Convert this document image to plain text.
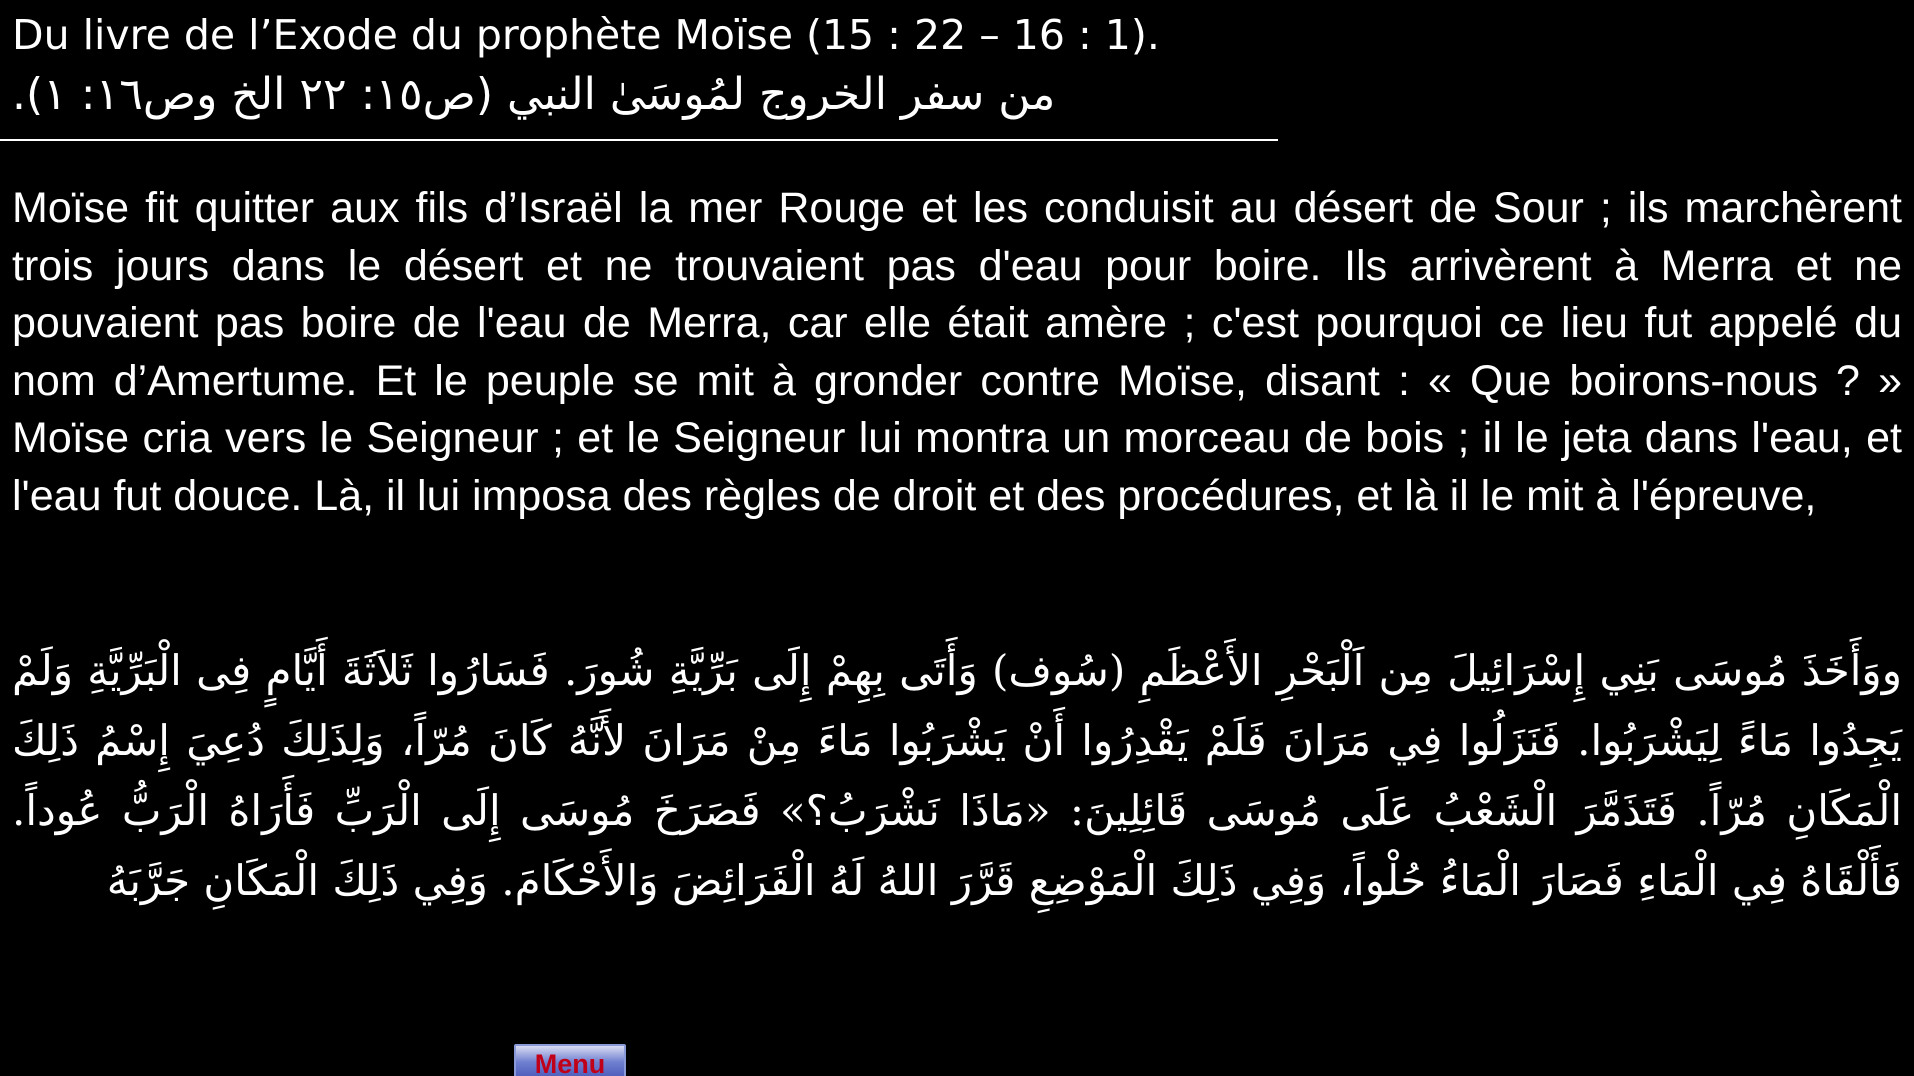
Du livre de l’Exode du prophète Moïse (15 : 22 – 16 : 1).
من سفر الخروج لمُوسَىٰ النبي (ص١٥: ٢٢ الخ وص١٦: ١).
Moïse fit quitter aux fils d’Israël la mer Rouge et les conduisit au désert de Sour ; ils marchèrent trois jours dans le désert et ne trouvaient pas d'eau pour boire. Ils arrivèrent à Merra et ne pouvaient pas boire de l'eau de Merra, car elle était amère ; c'est pourquoi ce lieu fut appelé du nom d’Amertume. Et le peuple se mit à gronder contre Moïse, disant : « Que boirons-nous ? » Moïse cria vers le Seigneur ; et le Seigneur lui montra un morceau de bois ; il le jeta dans l'eau, et l'eau fut douce. Là, il lui imposa des règles de droit et des procédures, et là il le mit à l'épreuve,
ووَأَخَذَ مُوسَى بَنِي إِسْرَائِيلَ مِن اَلْبَحْرِ الأَعْظَمِ (سُوف) وَأَتَى بِهِمْ إِلَى بَرِّيَّةِ شُورَ. فَسَارُوا ثَلاَثَةَ أَيَّامٍ فِى الْبَرِّيَّةِ وَلَمْ يَجِدُوا مَاءً لِيَشْرَبُوا. فَنَزَلُوا فِي مَرَانَ فَلَمْ يَقْدِرُوا أَنْ يَشْرَبُوا مَاءَ مِنْ مَرَانَ لأَنَّهُ كَانَ مُرّاً، وَلِذَلِكَ دُعِيَ إِسْمُ ذَلِكَ الْمَكَانِ مُرّاً. فَتَذَمَّرَ الْشَعْبُ عَلَى مُوسَى قَائِلِينَ: «مَاذَا نَشْرَبُ؟» فَصَرَخَ مُوسَى إِلَى الْرَبِّ فَأَرَاهُ الْرَبُّ عُوداً. فَأَلْقَاهُ فِي الْمَاءِ فَصَارَ الْمَاءُ حُلْواً، وَفِي ذَلِكَ الْمَوْضِعِ قَرَّرَ اللهُ لَهُ الْفَرَائِضَ وَالأَحْكَامَ. وَفِي ذَلِكَ الْمَكَانِ جَرَّبَهُ
Menu
